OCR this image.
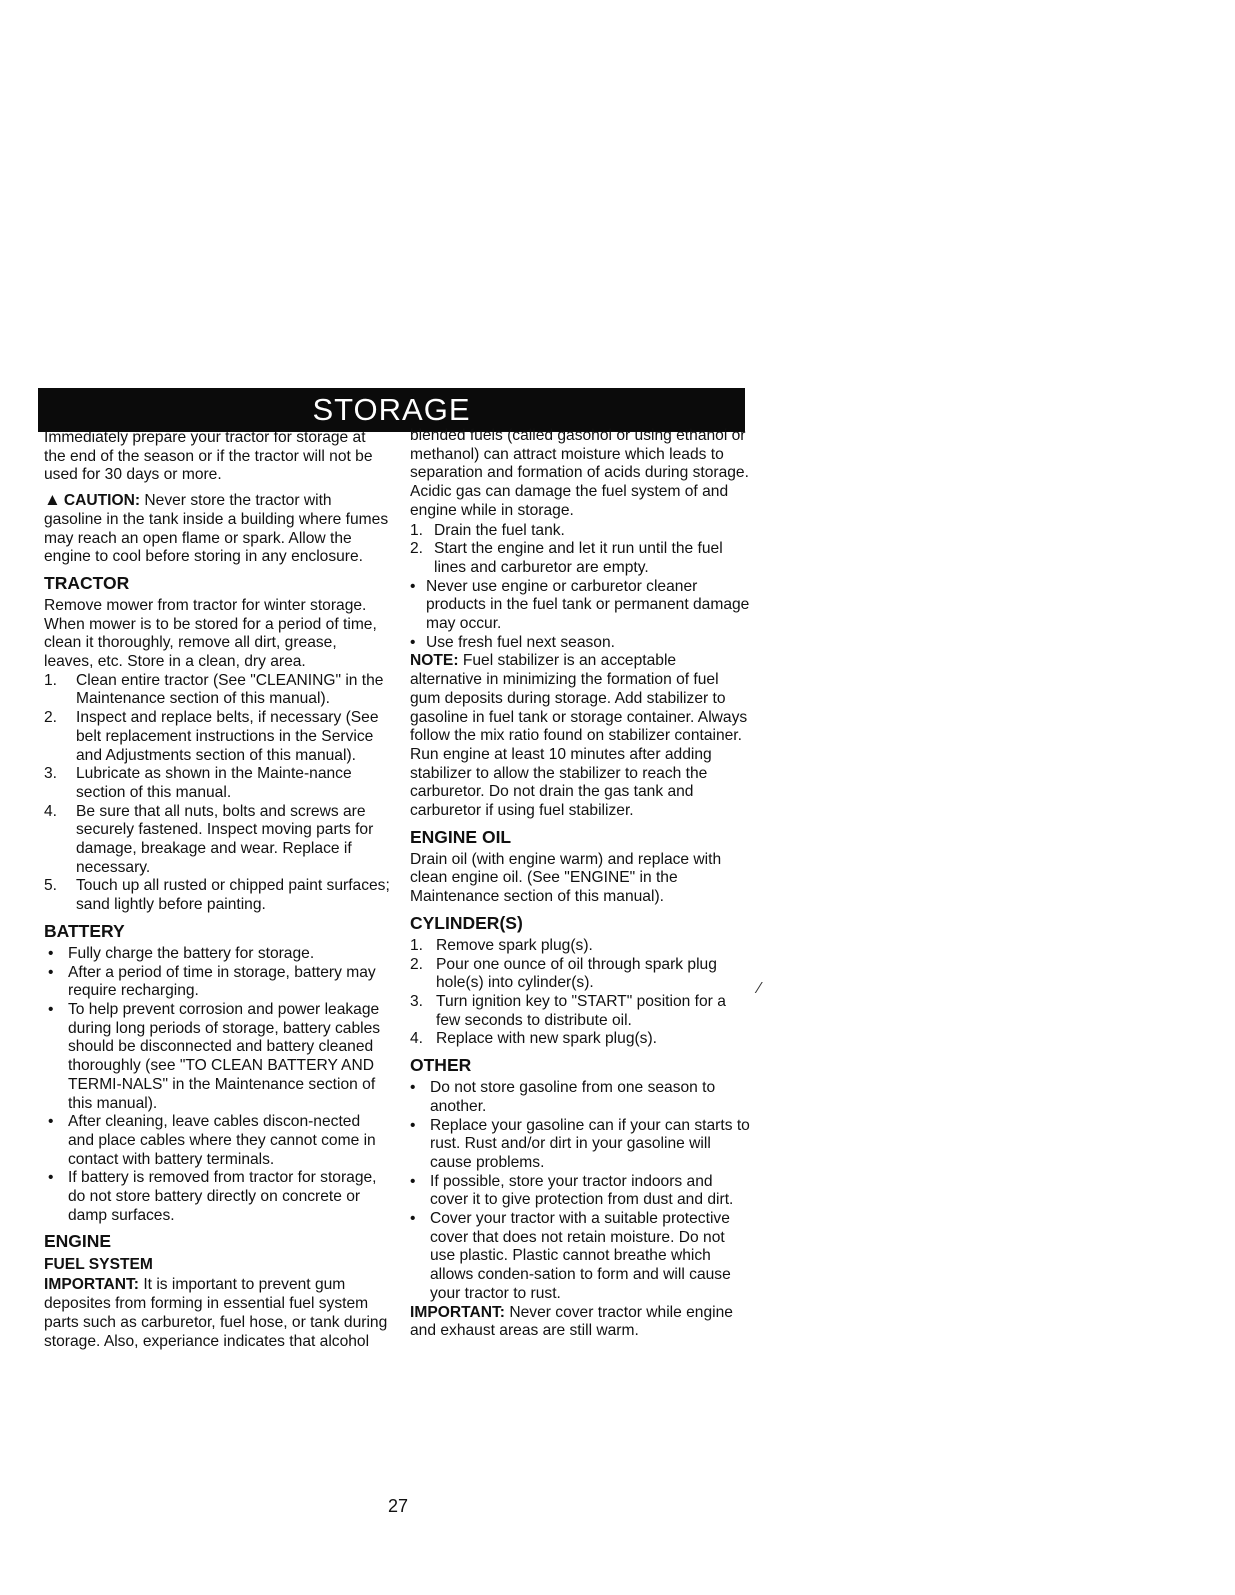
STORAGE

Immediately prepare your tractor for storage at the end of the season or if the tractor will not be used for 30 days or more.

▲ CAUTION: Never store the tractor with gasoline in the tank inside a building where fumes may reach an open flame or spark. Allow the engine to cool before storing in any enclosure.

TRACTOR

Remove mower from tractor for winter storage. When mower is to be stored for a period of time, clean it thoroughly, remove all dirt, grease, leaves, etc. Store in a clean, dry area.

1. Clean entire tractor (See "CLEANING" in the Maintenance section of this manual).
2. Inspect and replace belts, if necessary (See belt replacement instructions in the Service and Adjustments section of this manual).
3. Lubricate as shown in the Mainte-nance section of this manual.
4. Be sure that all nuts, bolts and screws are securely fastened. Inspect moving parts for damage, breakage and wear. Replace if necessary.
5. Touch up all rusted or chipped paint surfaces; sand lightly before painting.
BATTERY
• Fully charge the battery for storage.
• After a period of time in storage, battery may require recharging.
• To help prevent corrosion and power leakage during long periods of storage, battery cables should be disconnected and battery cleaned thoroughly (see "TO CLEAN BATTERY AND TERMI-NALS" in the Maintenance section of this manual).
• After cleaning, leave cables discon-nected and place cables where they cannot come in contact with battery terminals.
• If battery is removed from tractor for storage, do not store battery directly on concrete or damp surfaces.
ENGINE
FUEL SYSTEM

IMPORTANT: It is important to prevent gum deposites from forming in essential fuel system parts such as carburetor, fuel hose, or tank during storage. Also, experiance indicates that alcohol

blended fuels (called gasohol or using ethanol or methanol) can attract moisture which leads to separation and formation of acids during storage. Acidic gas can damage the fuel system of and engine while in storage.

1. Drain the fuel tank.
2. Start the engine and let it run until the fuel lines and carburetor are empty.
• Never use engine or carburetor cleaner products in the fuel tank or permanent damage may occur.
• Use fresh fuel next season.

NOTE: Fuel stabilizer is an acceptable alternative in minimizing the formation of fuel gum deposits during storage. Add stabilizer to gasoline in fuel tank or storage container. Always follow the mix ratio found on stabilizer container. Run engine at least 10 minutes after adding stabilizer to allow the stabilizer to reach the carburetor. Do not drain the gas tank and carburetor if using fuel stabilizer.

ENGINE OIL

Drain oil (with engine warm) and replace with clean engine oil. (See "ENGINE" in the Maintenance section of this manual).

CYLINDER(S)
1. Remove spark plug(s).
2. Pour one ounce of oil through spark plug hole(s) into cylinder(s).
3. Turn ignition key to "START" position for a few seconds to distribute oil.
4. Replace with new spark plug(s).
OTHER
• Do not store gasoline from one season to another.
• Replace your gasoline can if your can starts to rust. Rust and/or dirt in your gasoline will cause problems.
• If possible, store your tractor indoors and cover it to give protection from dust and dirt.
• Cover your tractor with a suitable protective cover that does not retain moisture. Do not use plastic. Plastic cannot breathe which allows conden-sation to form and will cause your tractor to rust.

IMPORTANT: Never cover tractor while engine and exhaust areas are still warm.

27
⁄
